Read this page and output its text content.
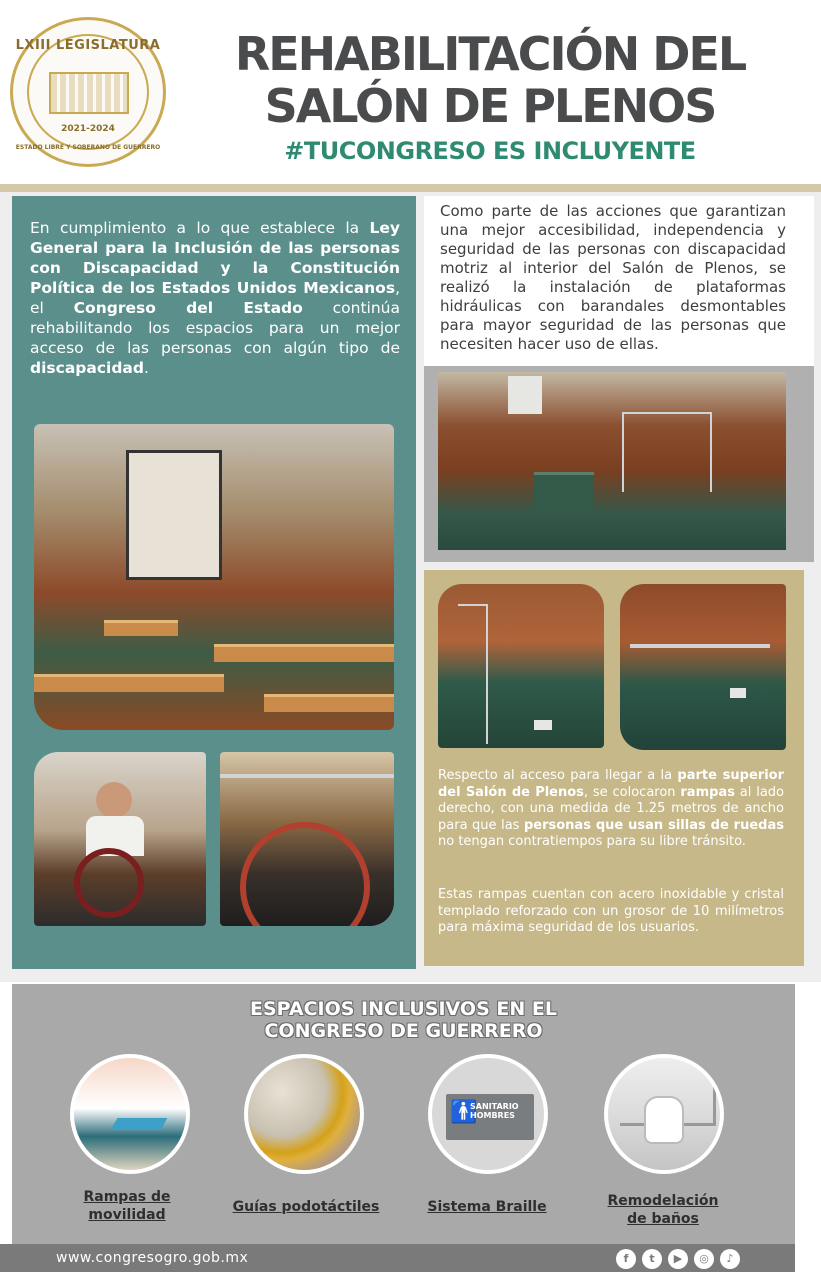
LXIII LEGISLATURA
2021-2024
ESTADO LIBRE Y SOBERANO DE GUERRERO
REHABILITACIÓN DEL
SALÓN DE PLENOS
#TUCONGRESO ES INCLUYENTE

En cumplimiento a lo que establece la Ley General para la Inclusión de las personas con Discapacidad y la Constitución Política de los Estados Unidos Mexicanos, el Congreso del Estado continúa rehabilitando los espacios para un mejor acceso de las personas con algún tipo de discapacidad.

Como parte de las acciones que garantizan una mejor accesibilidad, independencia y seguridad de las personas con discapacidad motriz al interior del Salón de Plenos, se realizó la instalación de plataformas hidráulicas con barandales desmontables para mayor seguridad de las personas que necesiten hacer uso de ellas.

Respecto al acceso para llegar a la parte superior del Salón de Plenos, se colocaron rampas al lado derecho, con una medida de 1.25 metros de ancho para que las personas que usan sillas de ruedas no tengan contratiempos para su libre tránsito.

Estas rampas cuentan con acero inoxidable y cristal templado reforzado con un grosor de 10 milímetros para máxima seguridad de los usuarios.

ESPACIOS INCLUSIVOS EN EL
CONGRESO DE GUERRERO
🚹
SANITARIO
HOMBRES
Rampas de
movilidad	Guías podotáctiles	Sistema Braille	Remodelación
de baños
www.congresogro.gob.mx	f	t	▶	◎	♪
